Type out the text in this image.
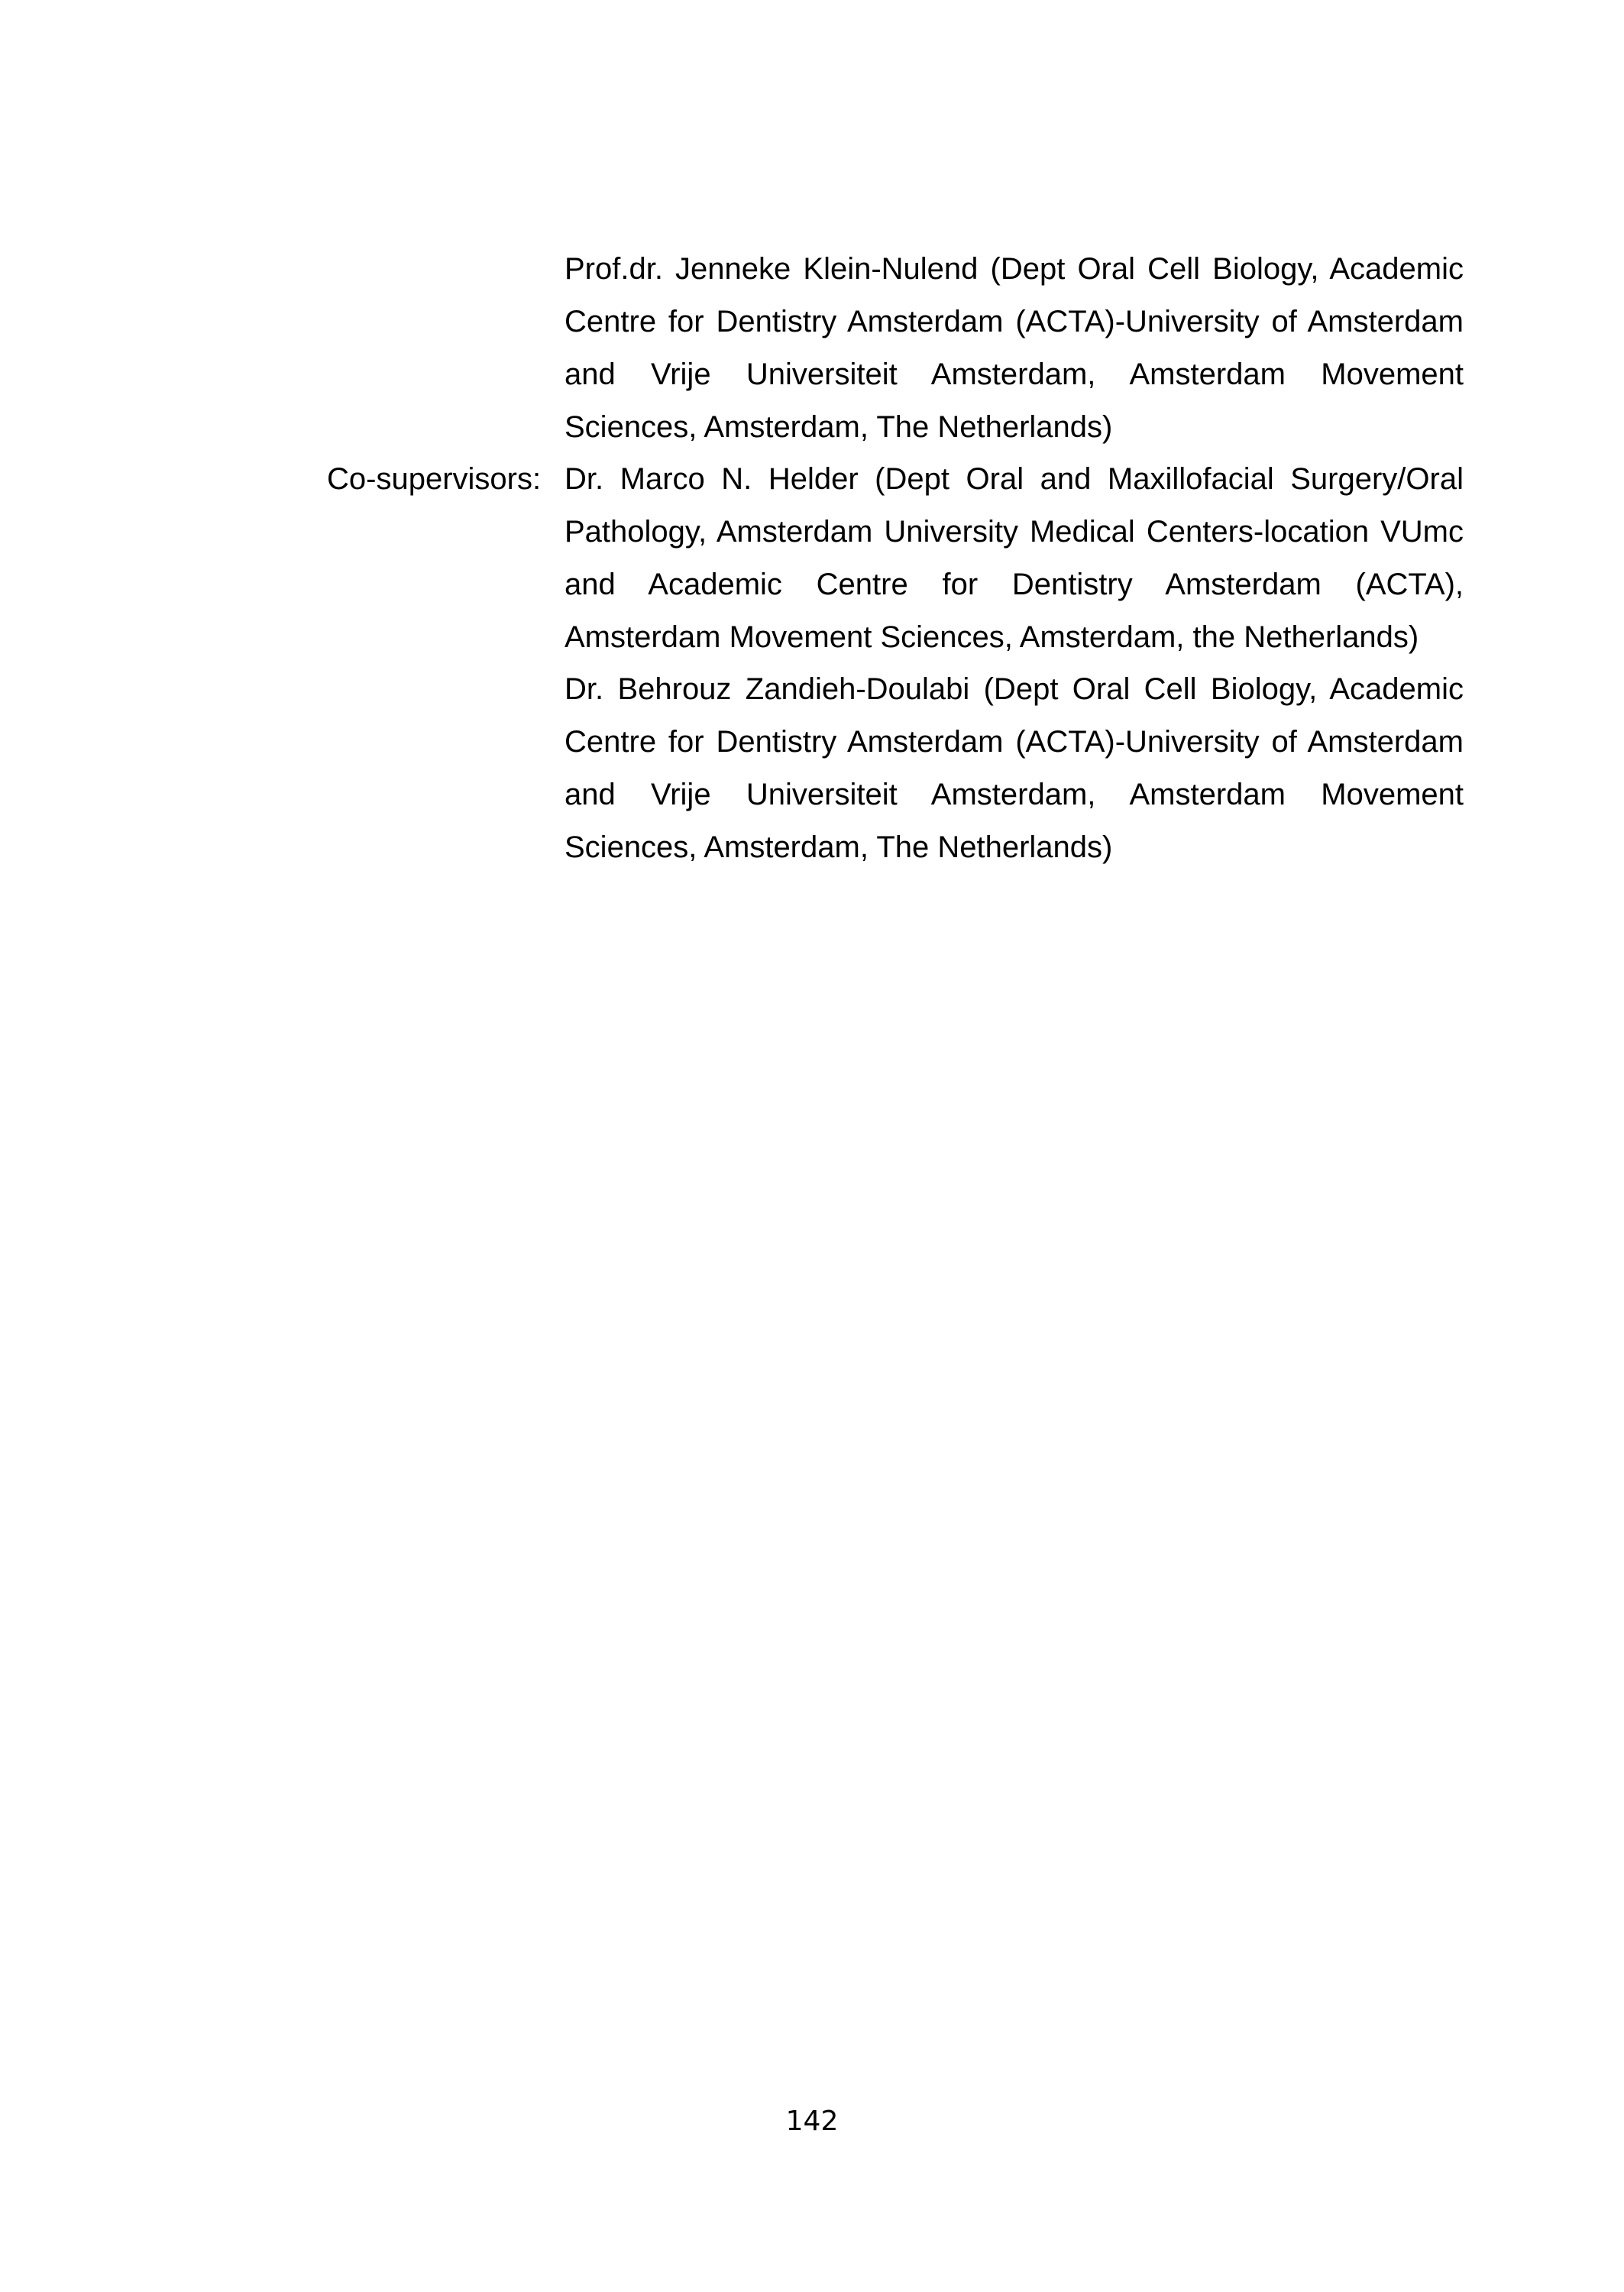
Prof.dr. Jenneke Klein-Nulend (Dept Oral Cell Biology, Academic Centre for Dentistry Amsterdam (ACTA)-University of Amsterdam and Vrije Universiteit Amsterdam, Amsterdam Movement Sciences, Amsterdam, The Netherlands)
Co-supervisors: Dr. Marco N. Helder (Dept Oral and Maxillofacial Surgery/Oral Pathology, Amsterdam University Medical Centers-location VUmc and Academic Centre for Dentistry Amsterdam (ACTA), Amsterdam Movement Sciences, Amsterdam, the Netherlands)
Dr. Behrouz Zandieh-Doulabi (Dept Oral Cell Biology, Academic Centre for Dentistry Amsterdam (ACTA)-University of Amsterdam and Vrije Universiteit Amsterdam, Amsterdam Movement Sciences, Amsterdam, The Netherlands)
142
